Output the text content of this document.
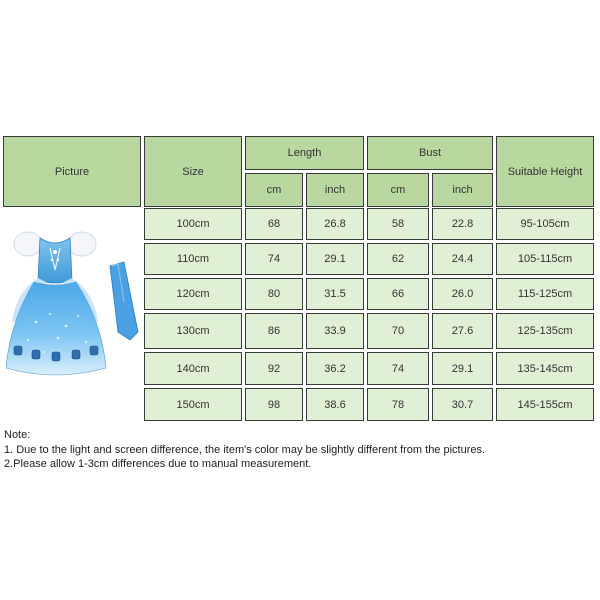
Picture	Size
Length	Bust
Suitable Height
cm	inch	cm	inch
100cm	68	26.8	58	22.8	95-105cm
110cm	74	29.1	62	24.4	105-115cm
120cm	80	31.5	66	26.0	115-125cm
130cm	86	33.9	70	27.6	125-135cm
140cm	92	36.2	74	29.1	135-145cm
150cm	98	38.6	78	30.7	145-155cm
Note:
1. Due to the light and screen difference, the item's color may be slightly different from the pictures.
2.Please allow 1-3cm differences due to manual measurement.
